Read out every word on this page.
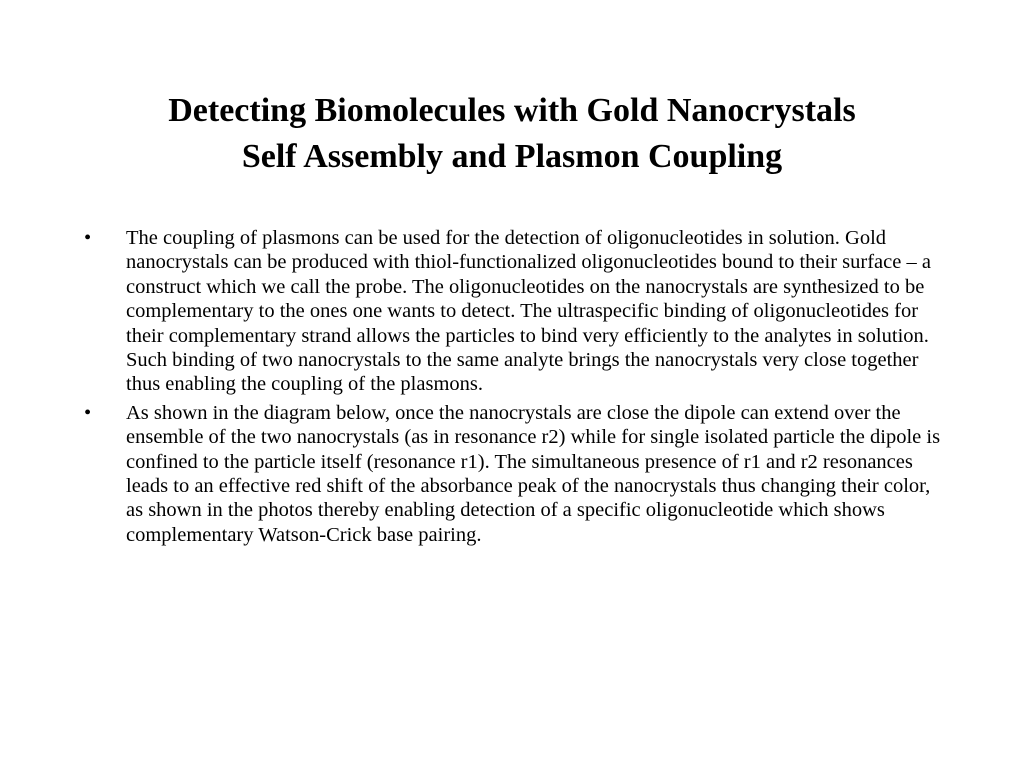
Detecting Biomolecules with Gold Nanocrystals
Self Assembly and Plasmon Coupling
•	The coupling of plasmons can be used for the detection of oligonucleotides in solution. Gold nanocrystals can be produced with thiol-functionalized oligonucleotides bound to their surface – a construct which we call the probe. The oligonucleotides on the nanocrystals are synthesized to be complementary to the ones one wants to detect. The ultraspecific binding of oligonucleotides for their complementary strand allows the particles to bind very efficiently to the analytes in solution. Such binding of two nanocrystals to the same analyte brings the nanocrystals very close together thus enabling the coupling of the plasmons.
•	As shown in the diagram below, once the nanocrystals are close the dipole can extend over the ensemble of the two nanocrystals (as in resonance r2) while for single isolated particle the dipole is confined to the particle itself (resonance r1). The simultaneous presence of r1 and r2 resonances leads to an effective red shift of the absorbance peak of the nanocrystals thus changing their color, as shown in the photos thereby enabling detection of a specific oligonucleotide which shows complementary Watson-Crick base pairing.
